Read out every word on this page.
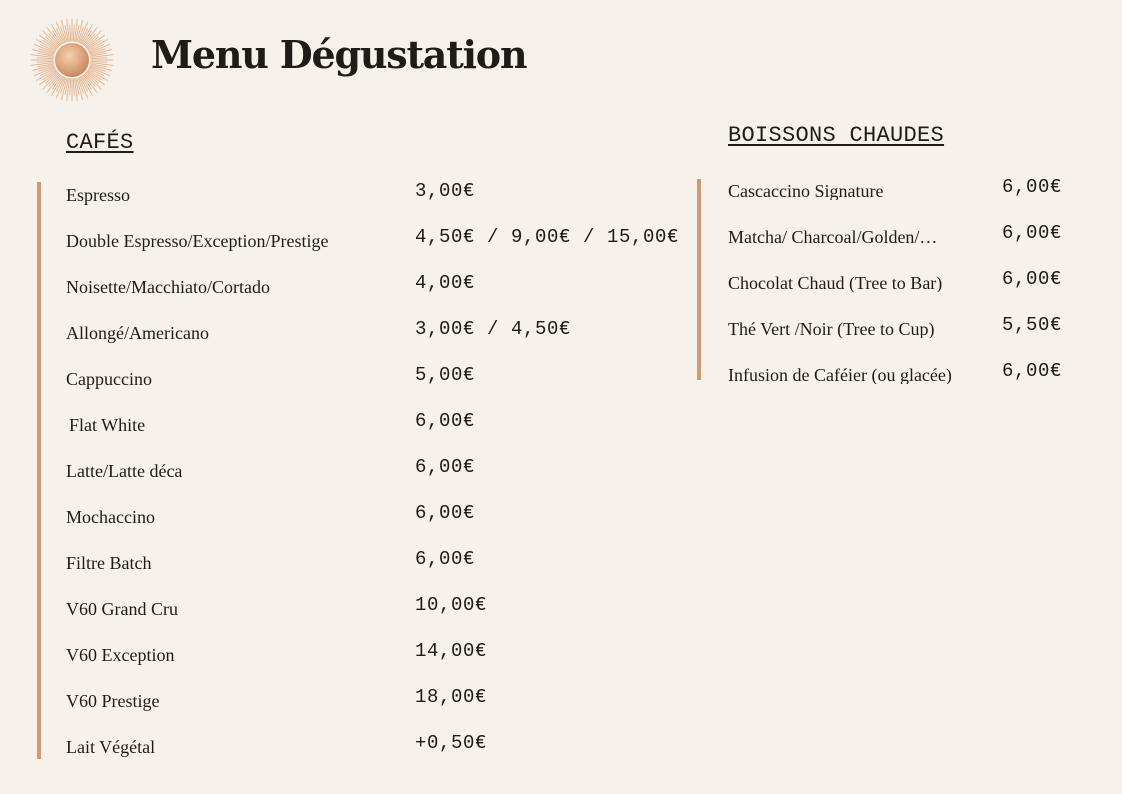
Menu Dégustation
CAFÉS
Espresso	3,00€
Double Espresso/Exception/Prestige	4,50€ / 9,00€ / 15,00€
Noisette/Macchiato/Cortado	4,00€
Allongé/Americano	3,00€ / 4,50€
Cappuccino	5,00€
Flat White	6,00€
Latte/Latte déca	6,00€
Mochaccino	6,00€
Filtre Batch	6,00€
V60 Grand Cru	10,00€
V60 Exception	14,00€
V60 Prestige	18,00€
Lait Végétal	+0,50€
BOISSONS CHAUDES
Cascaccino Signature	6,00€
Matcha/ Charcoal/Golden/…	6,00€
Chocolat Chaud (Tree to Bar)	6,00€
Thé Vert /Noir (Tree to Cup)	5,50€
Infusion de Caféier (ou glacée)	6,00€
